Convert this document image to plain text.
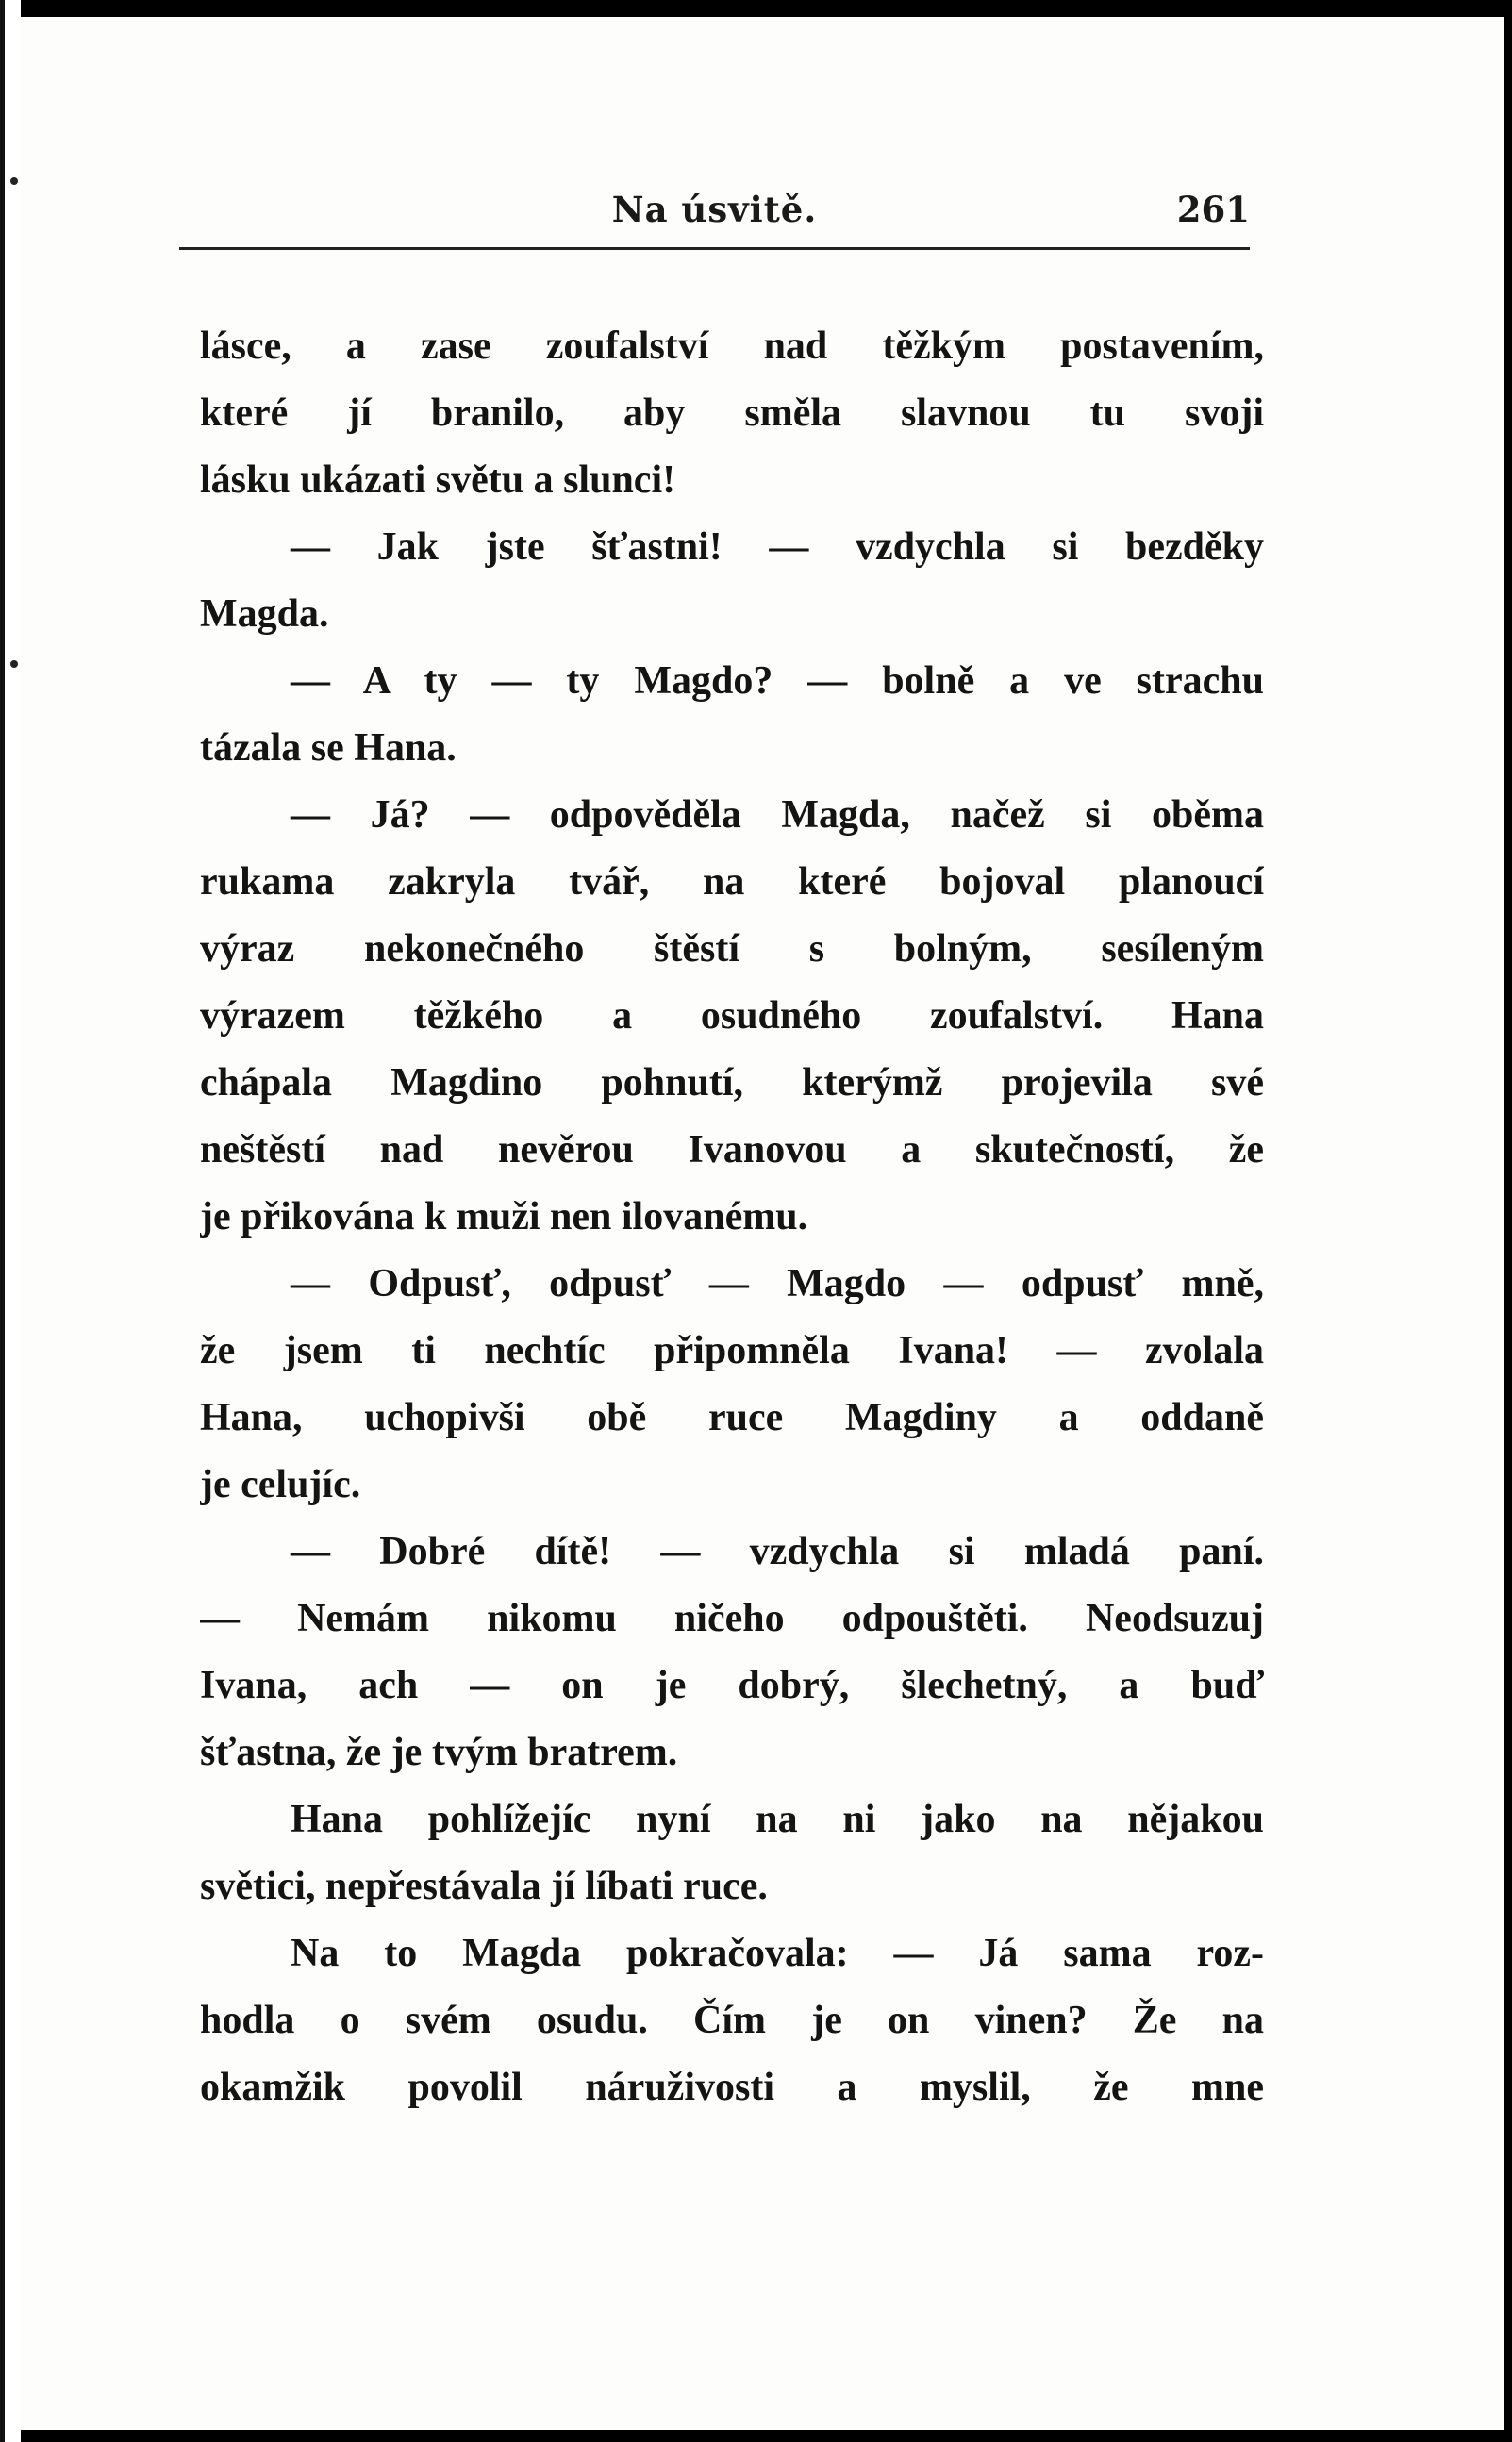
Na úsvitě.	261
lásce, a zase zoufalství nad těžkým postavením,
které jí branilo, aby směla slavnou tu svoji
lásku ukázati světu a slunci!
— Jak jste šťastni! — vzdychla si bezděky
Magda.
— A ty — ty Magdo? — bolně a ve strachu
tázala se Hana.
— Já? — odpověděla Magda, načež si oběma
rukama zakryla tvář, na které bojoval planoucí
výraz nekonečného štěstí s bolným, sesíleným
výrazem těžkého a osudného zoufalství. Hana
chápala Magdino pohnutí, kterýmž projevila své
neštěstí nad nevěrou Ivanovou a skutečností, že
je přikována k muži nen ilovanému.
— Odpusť, odpusť — Magdo — odpusť mně,
že jsem ti nechtíc připomněla Ivana! — zvolala
Hana, uchopivši obě ruce Magdiny a oddaně
je celujíc.
— Dobré dítě! — vzdychla si mladá paní.
— Nemám nikomu ničeho odpouštěti. Neodsuzuj
Ivana, ach — on je dobrý, šlechetný, a buď
šťastna, že je tvým bratrem.
Hana pohlížejíc nyní na ni jako na nějakou
světici, nepřestávala jí líbati ruce.
Na to Magda pokračovala: — Já sama roz-
hodla o svém osudu. Čím je on vinen? Že na
okamžik povolil náruživosti a myslil, že mne
